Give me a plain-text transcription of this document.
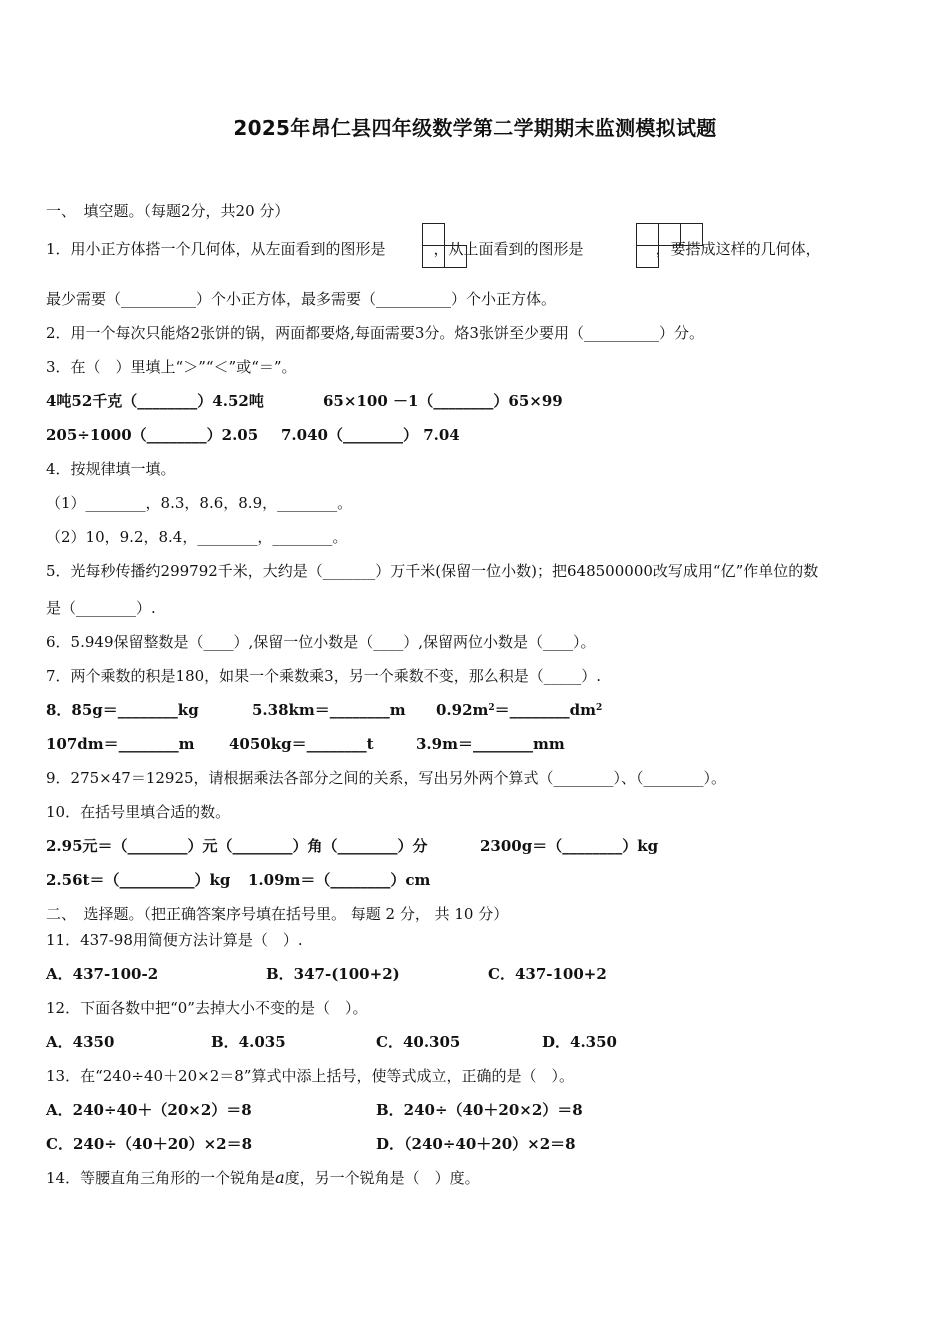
2025年昂仁县四年级数学第二学期期末监测模拟试题
一、　填空题。（每题2分，共20 分）
1．用小正方体搭一个几何体，从左面看到的图形是	，从上面看到的图形是	，要搭成这样的几何体，
最少需要（__________）个小正方体，最多需要（__________）个小正方体。
2．用一个每次只能烙2张饼的锅，两面都要烙,每面需要3分。烙3张饼至少要用（__________）分。
3．在（　）里填上“＞”“＜”或“＝”。
4吨52千克（________）4.52吨	65×100 －1（________）65×99
205÷1000（________）2.05 7.040（________） 7.04
4．按规律填一填。
（1）________，8.3，8.6，8.9，________。
（2）10，9.2，8.4，________，________。
5．光每秒传播约299792千米，大约是（_______）万千米(保留一位小数)；把648500000改写成用“亿”作单位的数
是（________）.
6．5.949保留整数是（____）,保留一位小数是（____）,保留两位小数是（____）。
7．两个乘数的积是180，如果一个乘数乘3，另一个乘数不变，那么积是（_____）.
8．85g＝________kg	5.38km＝________m $0.92m^2=\_\_\_\_\_\_\_\_dm^2$
107dm＝________m 4050kg＝________t	3.9m＝________mm
9．275×47＝12925，请根据乘法各部分之间的关系，写出另外两个算式（________）、（________）。
10．在括号里填合适的数。
2.95元＝（________）元（________）角（________）分	2300g＝（________）kg
2.56t＝（__________）kg 1.09m＝（________）cm
二、　选择题。（把正确答案序号填在括号里。 每题 2 分， 共 10 分）
11．437-98用简便方法计算是（　）.
A．437-100-2	B．347-(100+2)	C．437-100+2
12．下面各数中把“0”去掉大小不变的是（　）。
A．4350	B．4.035	C．40.305	D．4.350
13．在“240÷40＋20×2＝8”算式中添上括号，使等式成立，正确的是（　）。
A．240÷40＋（20×2）＝8	B．240÷（40＋20×2）＝8
C．240÷（40＋20）×2＝8	D．（240÷40＋20）×2＝8
14．等腰直角三角形的一个锐角是a度，另一个锐角是（　）度。
